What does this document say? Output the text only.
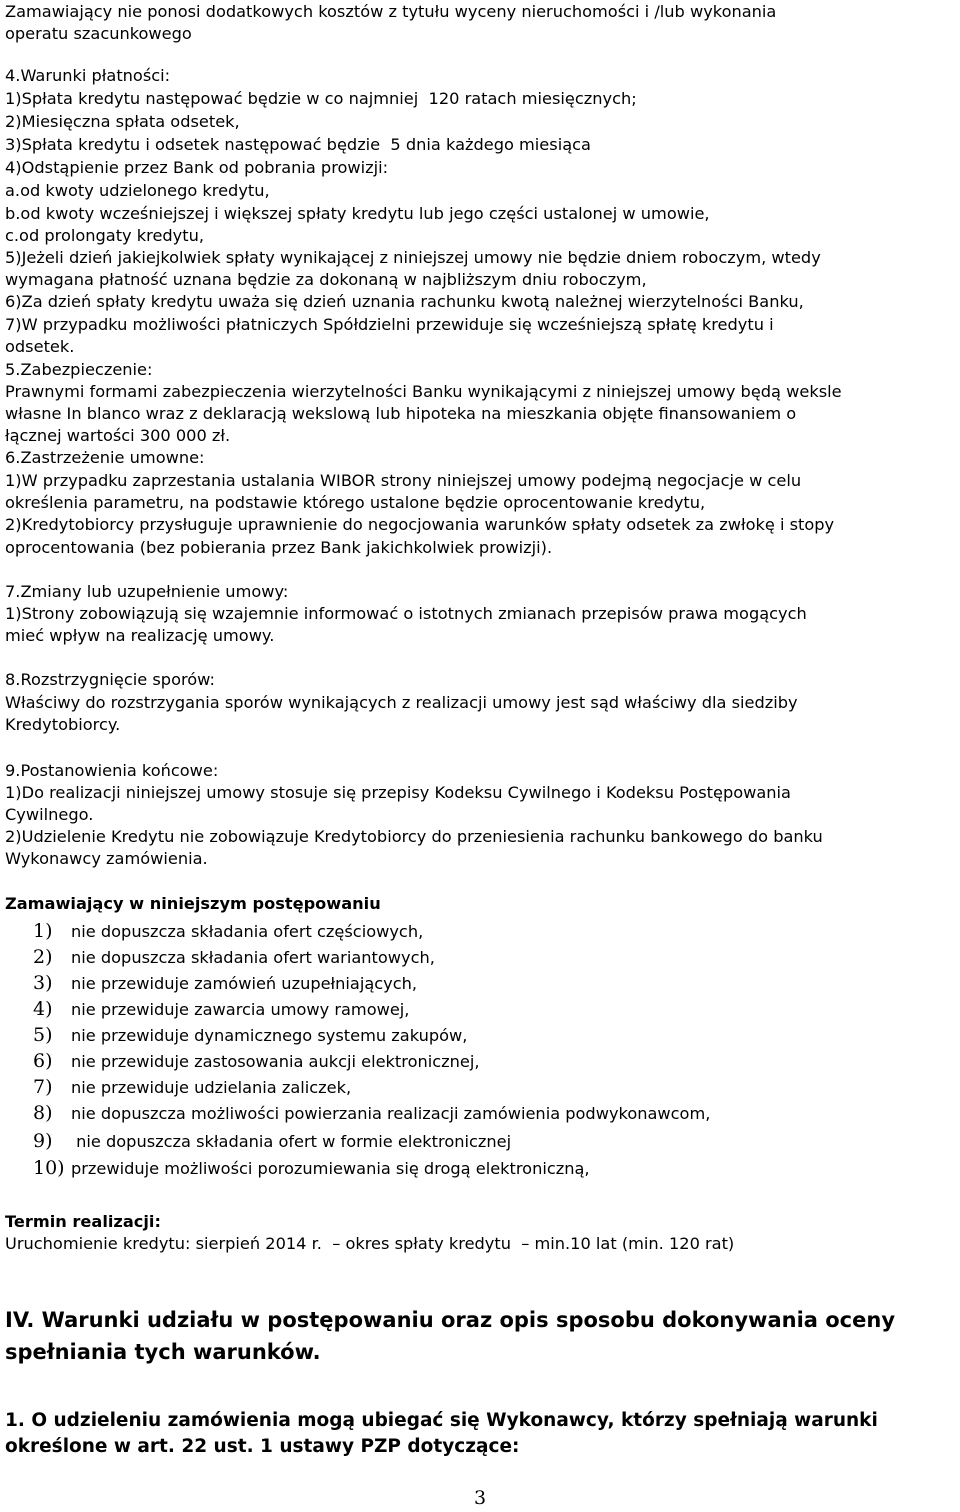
Zamawiający nie ponosi dodatkowych kosztów z tytułu wyceny nieruchomości i /lub wykonania
operatu szacunkowego
4.Warunki płatności:
1)Spłata kredytu następować będzie w co najmniej  120 ratach miesięcznych;
2)Miesięczna spłata odsetek,
3)Spłata kredytu i odsetek następować będzie  5 dnia każdego miesiąca
4)Odstąpienie przez Bank od pobrania prowizji:
a.od kwoty udzielonego kredytu,
b.od kwoty wcześniejszej i większej spłaty kredytu lub jego części ustalonej w umowie,
c.od prolongaty kredytu,
5)Jeżeli dzień jakiejkolwiek spłaty wynikającej z niniejszej umowy nie będzie dniem roboczym, wtedy
wymagana płatność uznana będzie za dokonaną w najbliższym dniu roboczym,
6)Za dzień spłaty kredytu uważa się dzień uznania rachunku kwotą należnej wierzytelności Banku,
7)W przypadku możliwości płatniczych Spółdzielni przewiduje się wcześniejszą spłatę kredytu i
odsetek.
5.Zabezpieczenie:
Prawnymi formami zabezpieczenia wierzytelności Banku wynikającymi z niniejszej umowy będą weksle
własne In blanco wraz z deklaracją wekslową lub hipoteka na mieszkania objęte finansowaniem o
łącznej wartości 300 000 zł.
6.Zastrzeżenie umowne:
1)W przypadku zaprzestania ustalania WIBOR strony niniejszej umowy podejmą negocjacje w celu
określenia parametru, na podstawie którego ustalone będzie oprocentowanie kredytu,
2)Kredytobiorcy przysługuje uprawnienie do negocjowania warunków spłaty odsetek za zwłokę i stopy
oprocentowania (bez pobierania przez Bank jakichkolwiek prowizji).
7.Zmiany lub uzupełnienie umowy:
1)Strony zobowiązują się wzajemnie informować o istotnych zmianach przepisów prawa mogących
mieć wpływ na realizację umowy.
8.Rozstrzygnięcie sporów:
Właściwy do rozstrzygania sporów wynikających z realizacji umowy jest sąd właściwy dla siedziby
Kredytobiorcy.
9.Postanowienia końcowe:
1)Do realizacji niniejszej umowy stosuje się przepisy Kodeksu Cywilnego i Kodeksu Postępowania
Cywilnego.
2)Udzielenie Kredytu nie zobowiązuje Kredytobiorcy do przeniesienia rachunku bankowego do banku
Wykonawcy zamówienia.
Zamawiający w niniejszym postępowaniu
1) nie dopuszcza składania ofert częściowych,
2) nie dopuszcza składania ofert wariantowych,
3) nie przewiduje zamówień uzupełniających,
4) nie przewiduje zawarcia umowy ramowej,
5) nie przewiduje dynamicznego systemu zakupów,
6) nie przewiduje zastosowania aukcji elektronicznej,
7) nie przewiduje udzielania zaliczek,
8) nie dopuszcza możliwości powierzania realizacji zamówienia podwykonawcom,
9) nie dopuszcza składania ofert w formie elektronicznej
10) przewiduje możliwości porozumiewania się drogą elektroniczną,
Termin realizacji:
Uruchomienie kredytu: sierpień 2014 r.  – okres spłaty kredytu  – min.10 lat (min. 120 rat)
IV. Warunki udziału w postępowaniu oraz opis sposobu dokonywania oceny
spełniania tych warunków.
1. O udzieleniu zamówienia mogą ubiegać się Wykonawcy, którzy spełniają warunki
określone w art. 22 ust. 1 ustawy PZP dotyczące:
3
